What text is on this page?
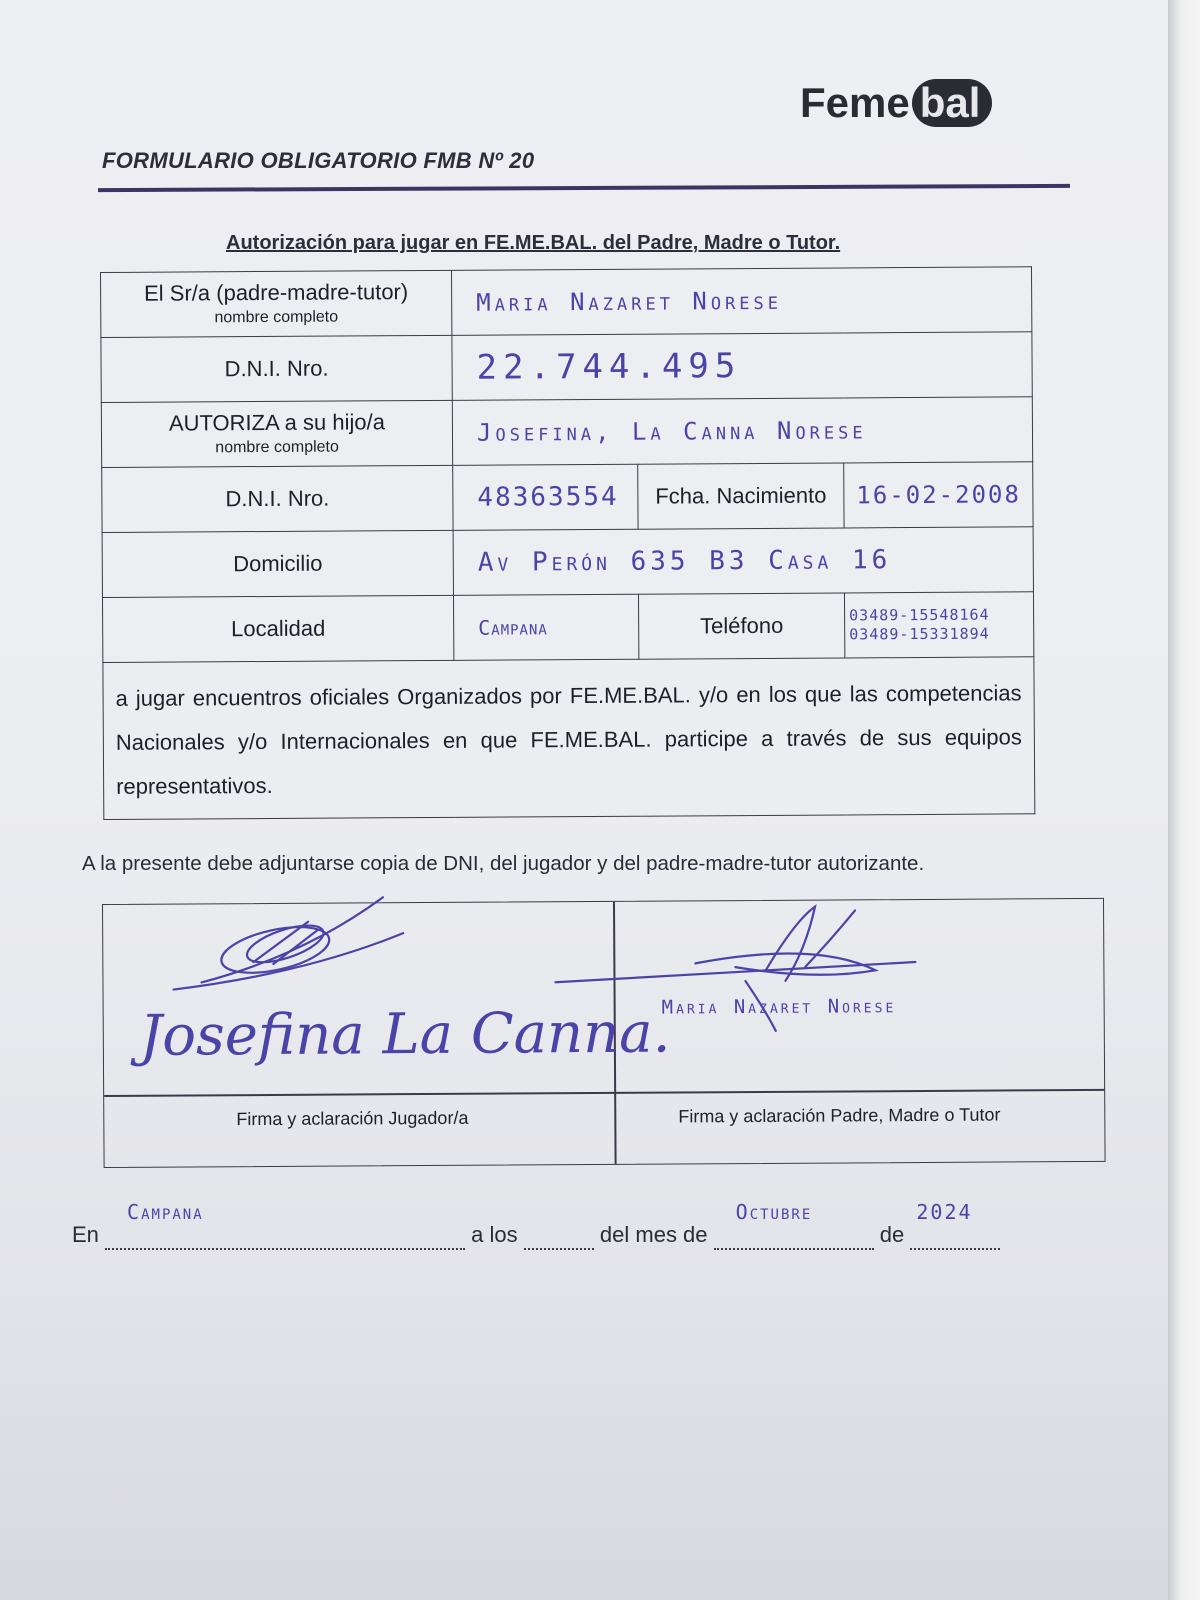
Feme bal
FORMULARIO OBLIGATORIO FMB Nº 20
Autorización para jugar en FE.ME.BAL. del Padre, Madre o Tutor.
El Sr/a (padre-madre-tutor)
nombre completo	Maria Nazaret Norese		
D.N.I. Nro.	22.744.495		
AUTORIZA a su hijo/a
nombre completo	Josefina, La Canna Norese		
D.N.I. Nro.	48363554	Fcha. Nacimiento	16-02-2008
Domicilio	Av Perón 635 B3 Casa 16		
Localidad	Campana	Teléfono	03489-15548164
03489-15331894

a jugar encuentros oficiales Organizados por FE.ME.BAL. y/o en los que las competencias Nacionales y/o Internacionales en que FE.ME.BAL. participe a través de sus equipos representativos.			
A la presente debe adjuntarse copia de DNI, del jugador y del padre-madre-tutor autorizante.
Josefina La Canna.
Maria Nazaret Norese
Firma y aclaración Jugador/a	Firma y aclaración Padre, Madre o Tutor
En
Campana
a los	del mes de
Octubre
de
2024
